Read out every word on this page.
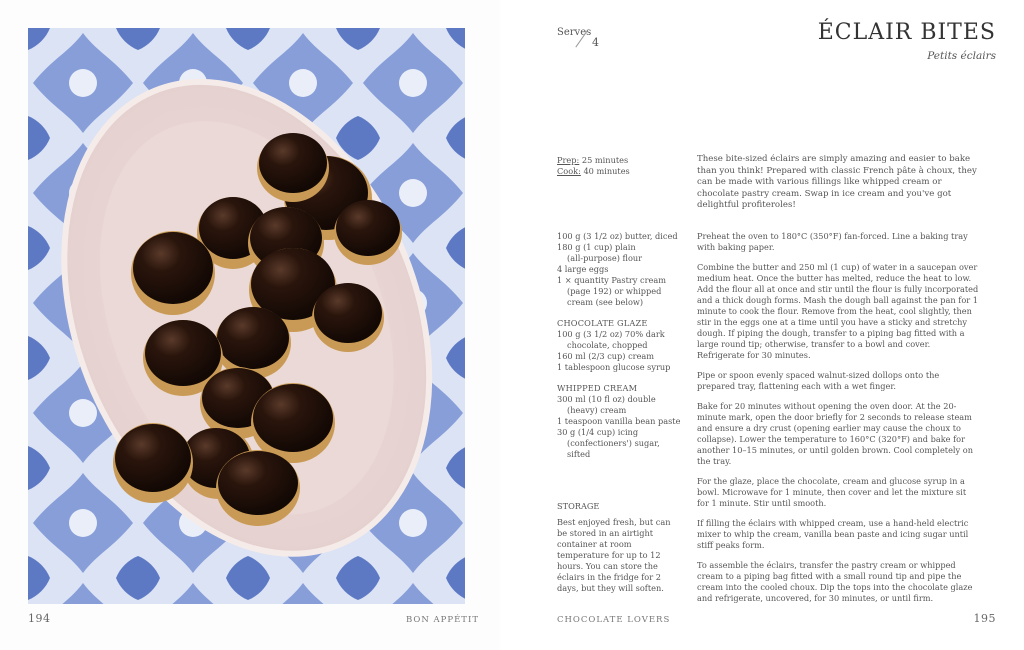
194	BON APPÉTIT
Serves
4	ÉCLAIR BITES
Petits éclairs
Prep: 25 minutes
Cook: 40 minutes
These bite-sized éclairs are simply amazing and easier to bake than you think! Prepared with classic French pâte à choux, they can be made with various fillings like whipped cream or chocolate pastry cream. Swap in ice cream and you've got delightful profiteroles!
100 g (3 1/2 oz) butter, diced
180 g (1 cup) plain
(all-purpose) flour
4 large eggs
1 × quantity Pastry cream
(page 192) or whipped
cream (see below)
CHOCOLATE GLAZE
100 g (3 1/2 oz) 70% dark
chocolate, chopped
160 ml (2/3 cup) cream
1 tablespoon glucose syrup
WHIPPED CREAM
300 ml (10 fl oz) double
(heavy) cream
1 teaspoon vanilla bean paste
30 g (1/4 cup) icing
(confectioners') sugar,
sifted

Preheat the oven to 180°C (350°F) fan-forced. Line a baking tray with baking paper.

Combine the butter and 250 ml (1 cup) of water in a saucepan over medium heat. Once the butter has melted, reduce the heat to low. Add the flour all at once and stir until the flour is fully incorporated and a thick dough forms. Mash the dough ball against the pan for 1 minute to cook the flour. Remove from the heat, cool slightly, then stir in the eggs one at a time until you have a sticky and stretchy dough. If piping the dough, transfer to a piping bag fitted with a large round tip; otherwise, transfer to a bowl and cover. Refrigerate for 30 minutes.

Pipe or spoon evenly spaced walnut-sized dollops onto the prepared tray, flattening each with a wet finger.

Bake for 20 minutes without opening the oven door. At the 20-minute mark, open the door briefly for 2 seconds to release steam and ensure a dry crust (opening earlier may cause the choux to collapse). Lower the temperature to 160°C (320°F) and bake for another 10–15 minutes, or until golden brown. Cool completely on the tray.

For the glaze, place the chocolate, cream and glucose syrup in a bowl. Microwave for 1 minute, then cover and let the mixture sit for 1 minute. Stir until smooth.

If filling the éclairs with whipped cream, use a hand-held electric mixer to whip the cream, vanilla bean paste and icing sugar until stiff peaks form.

To assemble the éclairs, transfer the pastry cream or whipped cream to a piping bag fitted with a small round tip and pipe the cream into the cooled choux. Dip the tops into the chocolate glaze and refrigerate, uncovered, for 30 minutes, or until firm.

STORAGE
Best enjoyed fresh, but can be stored in an airtight container at room temperature for up to 12 hours. You can store the éclairs in the fridge for 2 days, but they will soften.
CHOCOLATE LOVERS	195
